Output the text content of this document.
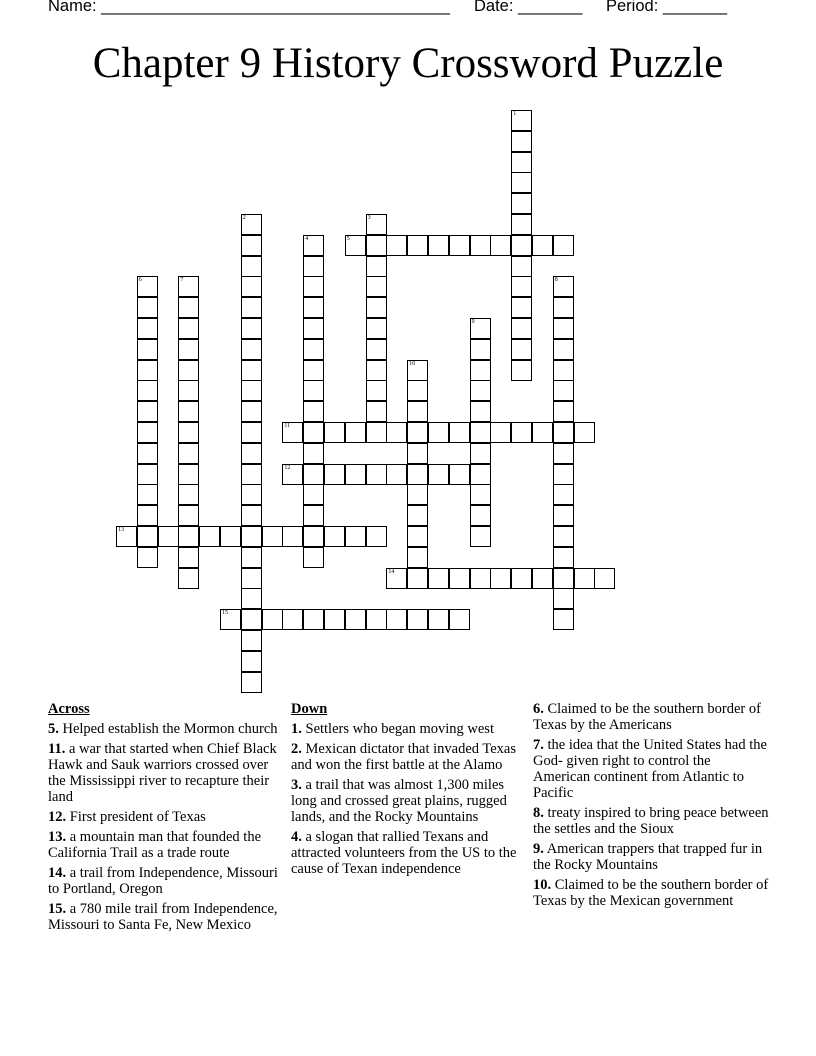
Name: ______________________________________ Date: _______ Period: _______
Chapter 9 History Crossword Puzzle
1
2	3
4	5
6	7	8
9
10
11
12
13
14
15
Across
5. Helped establish the Mormon church
11. a war that started when Chief Black Hawk and Sauk warriors crossed over the Mississippi river to recapture their land
12. First president of Texas
13. a mountain man that founded the California Trail as a trade route
14. a trail from Independence, Missouri to Portland, Oregon
15. a 780 mile trail from Independence, Missouri to Santa Fe, New Mexico
Down
1. Settlers who began moving west
2. Mexican dictator that invaded Texas and won the first battle at the Alamo
3. a trail that was almost 1,300 miles long and crossed great plains, rugged lands, and the Rocky Mountains
4. a slogan that rallied Texans and attracted volunteers from the US to the cause of Texan independence
6. Claimed to be the southern border of Texas by the Americans
7. the idea that the United States had the God- given right to control the American continent from Atlantic to Pacific
8. treaty inspired to bring peace between the settles and the Sioux
9. American trappers that trapped fur in the Rocky Mountains
10. Claimed to be the southern border of Texas by the Mexican government
